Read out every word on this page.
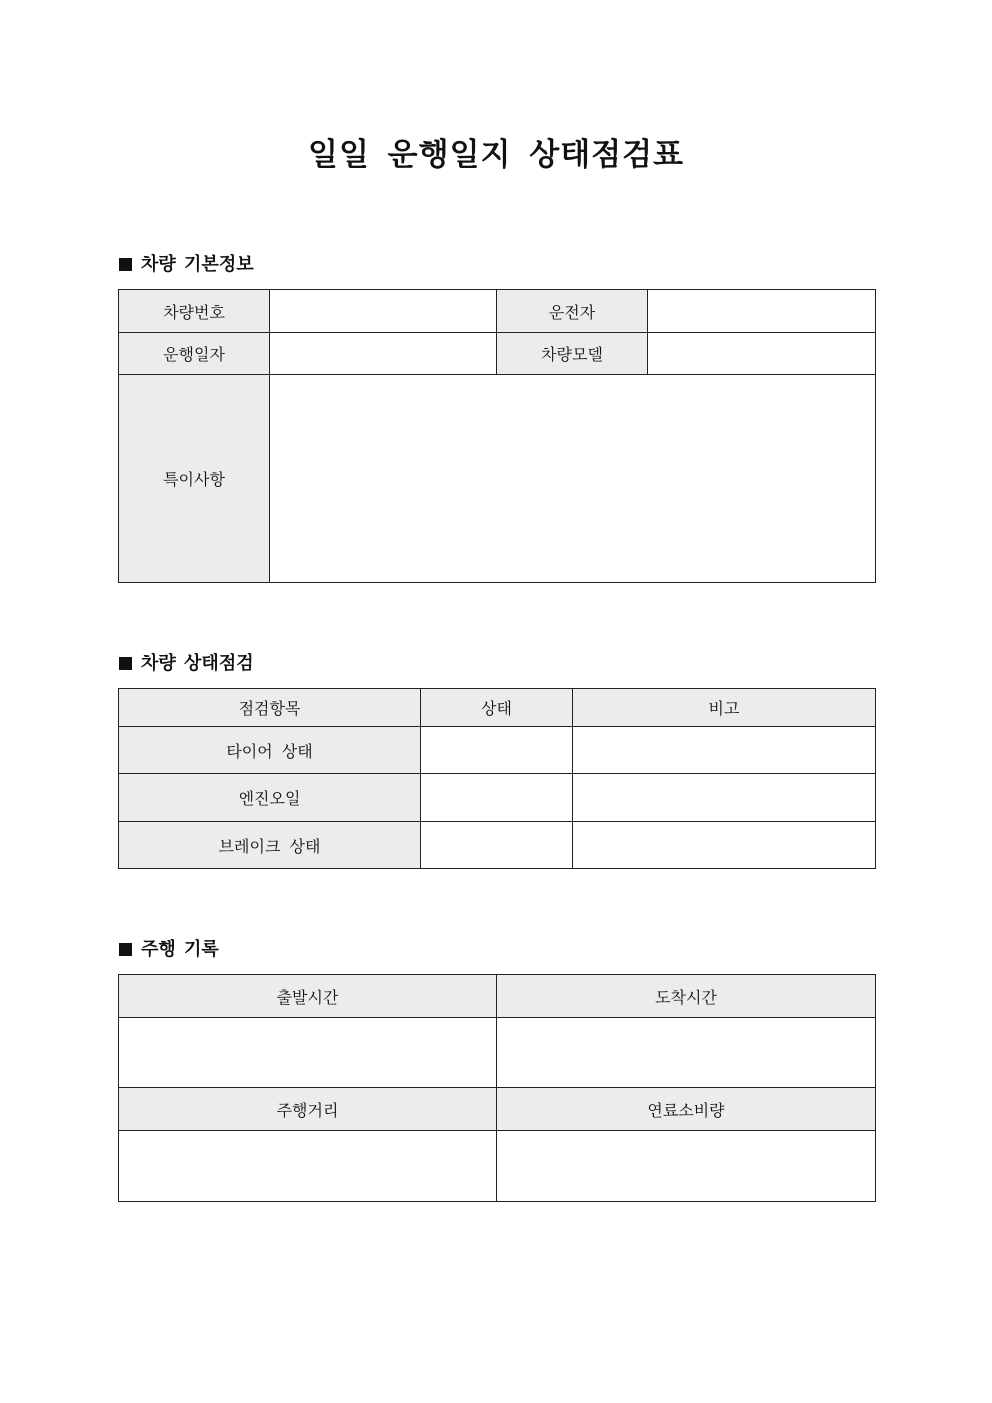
일일 운행일지 상태점검표
차량 기본정보
차량번호		운전자	
운행일자		차량모델	
특이사항			
차량 상태점검
점검항목	상태	비고
타이어 상태		
엔진오일		
브레이크 상태		
주행 기록
출발시간	도착시간

주행거리	연료소비량
